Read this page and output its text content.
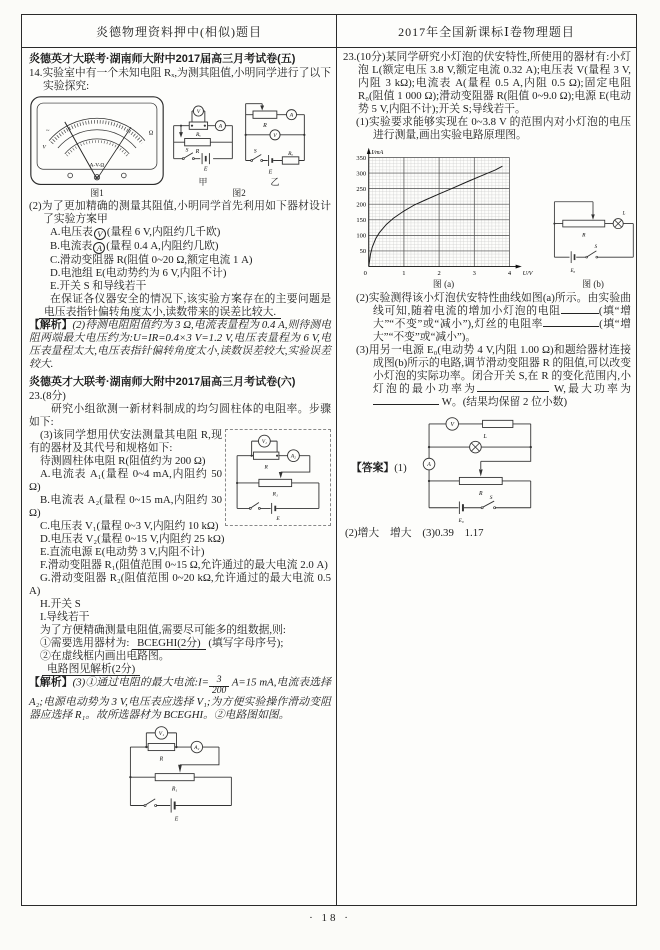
炎德物理资料押中(相似)题目	2017年全国新课标Ⅰ卷物理题目

炎德英才大联考·湖南师大附中2017届高三月考试卷(五)

14.实验室中有一个未知电阻 Rₓ,为测其阻值,小明同学进行了以下实验探究:

A-V-Ω
~
V
Ω
图1
V
A
Rₓ
R
S
E
甲
R
A
V
S
E
Rₓ
乙
图2

(2)为了更加精确的测量其阻值,小明同学首先利用如下器材设计了实验方案甲

A.电压表 V (量程 6 V,内阻约几千欧)

B.电流表 A (量程 0.4 A,内阻约几欧)

C.滑动变阻器 R(阻值 0~20 Ω,额定电流 1 A)

D.电池组 E(电动势约为 6 V,内阻不计)

E.开关 S 和导线若干

在保证各仪器安全的情况下,该实验方案存在的主要问题是电压表指针偏转角度太小,读数带来的误差比较大.

【解析】(2)待测电阻阻值约为 3 Ω,电流表量程为 0.4 A,则待测电阻两端最大电压约为:U=IR=0.4×3 V=1.2 V,电压表量程为 6 V,电压表量程太大,电压表指针偏转角度太小,读数误差较大,实验误差较大.

炎德英才大联考·湖南师大附中2017届高三月考试卷(六)

23.(8分)

研究小组欲测一新材料制成的均匀圆柱体的电阻率。步骤如下:

V₁
A₂
R
R₁
E

(3)该同学想用伏安法测量其电阻 R,现有的器材及其代号和规格如下:

待测圆柱体电阻 R(阻值约为 200 Ω)

A.电流表 A₁(量程 0~4 mA,内阻约 50 Ω)

B.电流表 A₂(量程 0~15 mA,内阻约 30 Ω)

C.电压表 V₁(量程 0~3 V,内阻约 10 kΩ)

D.电压表 V₂(量程 0~15 V,内阻约 25 kΩ)

E.直流电源 E(电动势 3 V,内阻不计)

F.滑动变阻器 R₁(阻值范围 0~15 Ω,允许通过的最大电流 2.0 A)

G.滑动变阻器 R₂(阻值范围 0~20 kΩ,允许通过的最大电流 0.5 A)

H.开关 S

I.导线若干

为了方便精确测量电阻值,需要尽可能多的组数据,则:

①需要选用器材为: BCEGHI(2分) (填写字母序号);

②在虚线框内画出电路图。

电路图见解析(2分)

【解析】(3)①通过电阻的最大电流:I= $\frac{3}{200} A=15$ mA,电流表选择 A₂;电源电动势为 3 V,电压表应选择 V₁;为方便实验操作滑动变阻器应选择 R₁。故所选器材为 BCEGHI。②电路图如图。

V₁
A₂
R
R₁
E

23.(10分)某同学研究小灯泡的伏安特性,所使用的器材有:小灯泡 L(额定电压 3.8 V,额定电流 0.32 A);电压表 V(量程 3 V,内阻 3 kΩ);电流表 A(量程 0.5 A,内阻 0.5 Ω);固定电阻 R₀(阻值 1 000 Ω);滑动变阻器 R(阻值 0~9.0 Ω);电源 E(电动势 5 V,内阻不计);开关 S;导线若干。

(1)实验要求能够实现在 0~3.8 V 的范围内对小灯泡的电压进行测量,画出实验电路原理图。

50
100
150
200
250
300
350
0	1	2	3	4
I/mA
U/V
图 (a)
R
L
E₀
S
图 (b)

(2)实验测得该小灯泡伏安特性曲线如图(a)所示。由实验曲线可知,随着电流的增加小灯泡的电阻	(填“增大”“不变”或“减小”),灯丝的电阻率	(填“增大”“不变”或“减小”)。

(3)用另一电源 E₀(电动势 4 V,内阻 1.00 Ω)和题给器材连接成图(b)所示的电路,调节滑动变阻器 R 的阻值,可以改变小灯泡的实际功率。闭合开关 S,在 R 的变化范围内,小灯泡的最小功率为	W,最大功率为 W。(结果均保留 2 位小数)

【答案】(1)
V
A
L
R
E₀
S

(2)增大　增大　(3)0.39　1.17

· 18 ·
